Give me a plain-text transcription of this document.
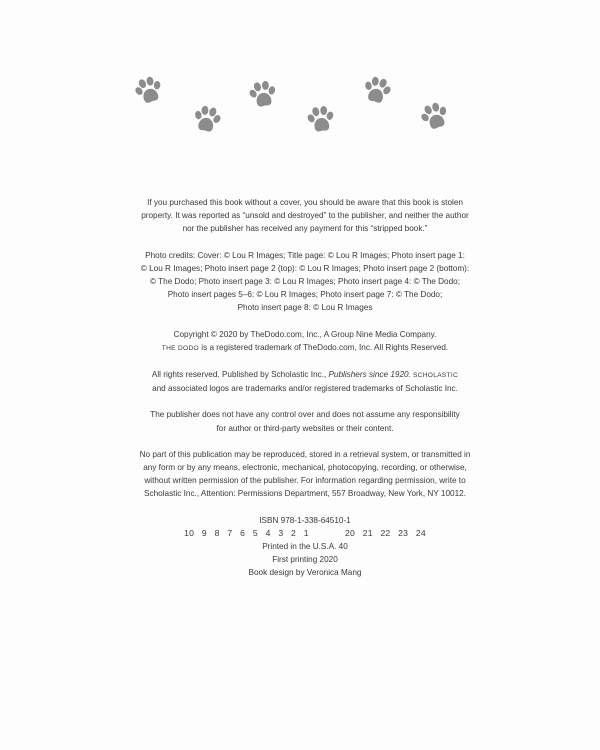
If you purchased this book without a cover, you should be aware that this book is stolen
property. It was reported as “unsold and destroyed” to the publisher, and neither the author
nor the publisher has received any payment for this “stripped book.”

Photo credits: Cover: © Lou R Images; Title page: © Lou R Images; Photo insert page 1:
© Lou R Images; Photo insert page 2 (top): © Lou R Images; Photo insert page 2 (bottom):
© The Dodo; Photo insert page 3: © Lou R Images; Photo insert page 4: © The Dodo;
Photo insert pages 5–6: © Lou R Images; Photo insert page 7: © The Dodo;
Photo insert page 8: © Lou R Images

Copyright © 2020 by TheDodo.com, Inc., A Group Nine Media Company.
THE DODO is a registered trademark of TheDodo.com, Inc. All Rights Reserved.

All rights reserved. Published by Scholastic Inc., Publishers since 1920. SCHOLASTIC
and associated logos are trademarks and/or registered trademarks of Scholastic Inc.

The publisher does not have any control over and does not assume any responsibility
for author or third-party websites or their content.

No part of this publication may be reproduced, stored in a retrieval system, or transmitted in
any form or by any means, electronic, mechanical, photocopying, recording, or otherwise,
without written permission of the publisher. For information regarding permission, write to
Scholastic Inc., Attention: Permissions Department, 557 Broadway, New York, NY 10012.

ISBN 978-1-338-64510-1
10   9   8   7   6   5   4   3   2   1              20   21   22   23   24
Printed in the U.S.A. 40
First printing 2020
Book design by Veronica Mang
